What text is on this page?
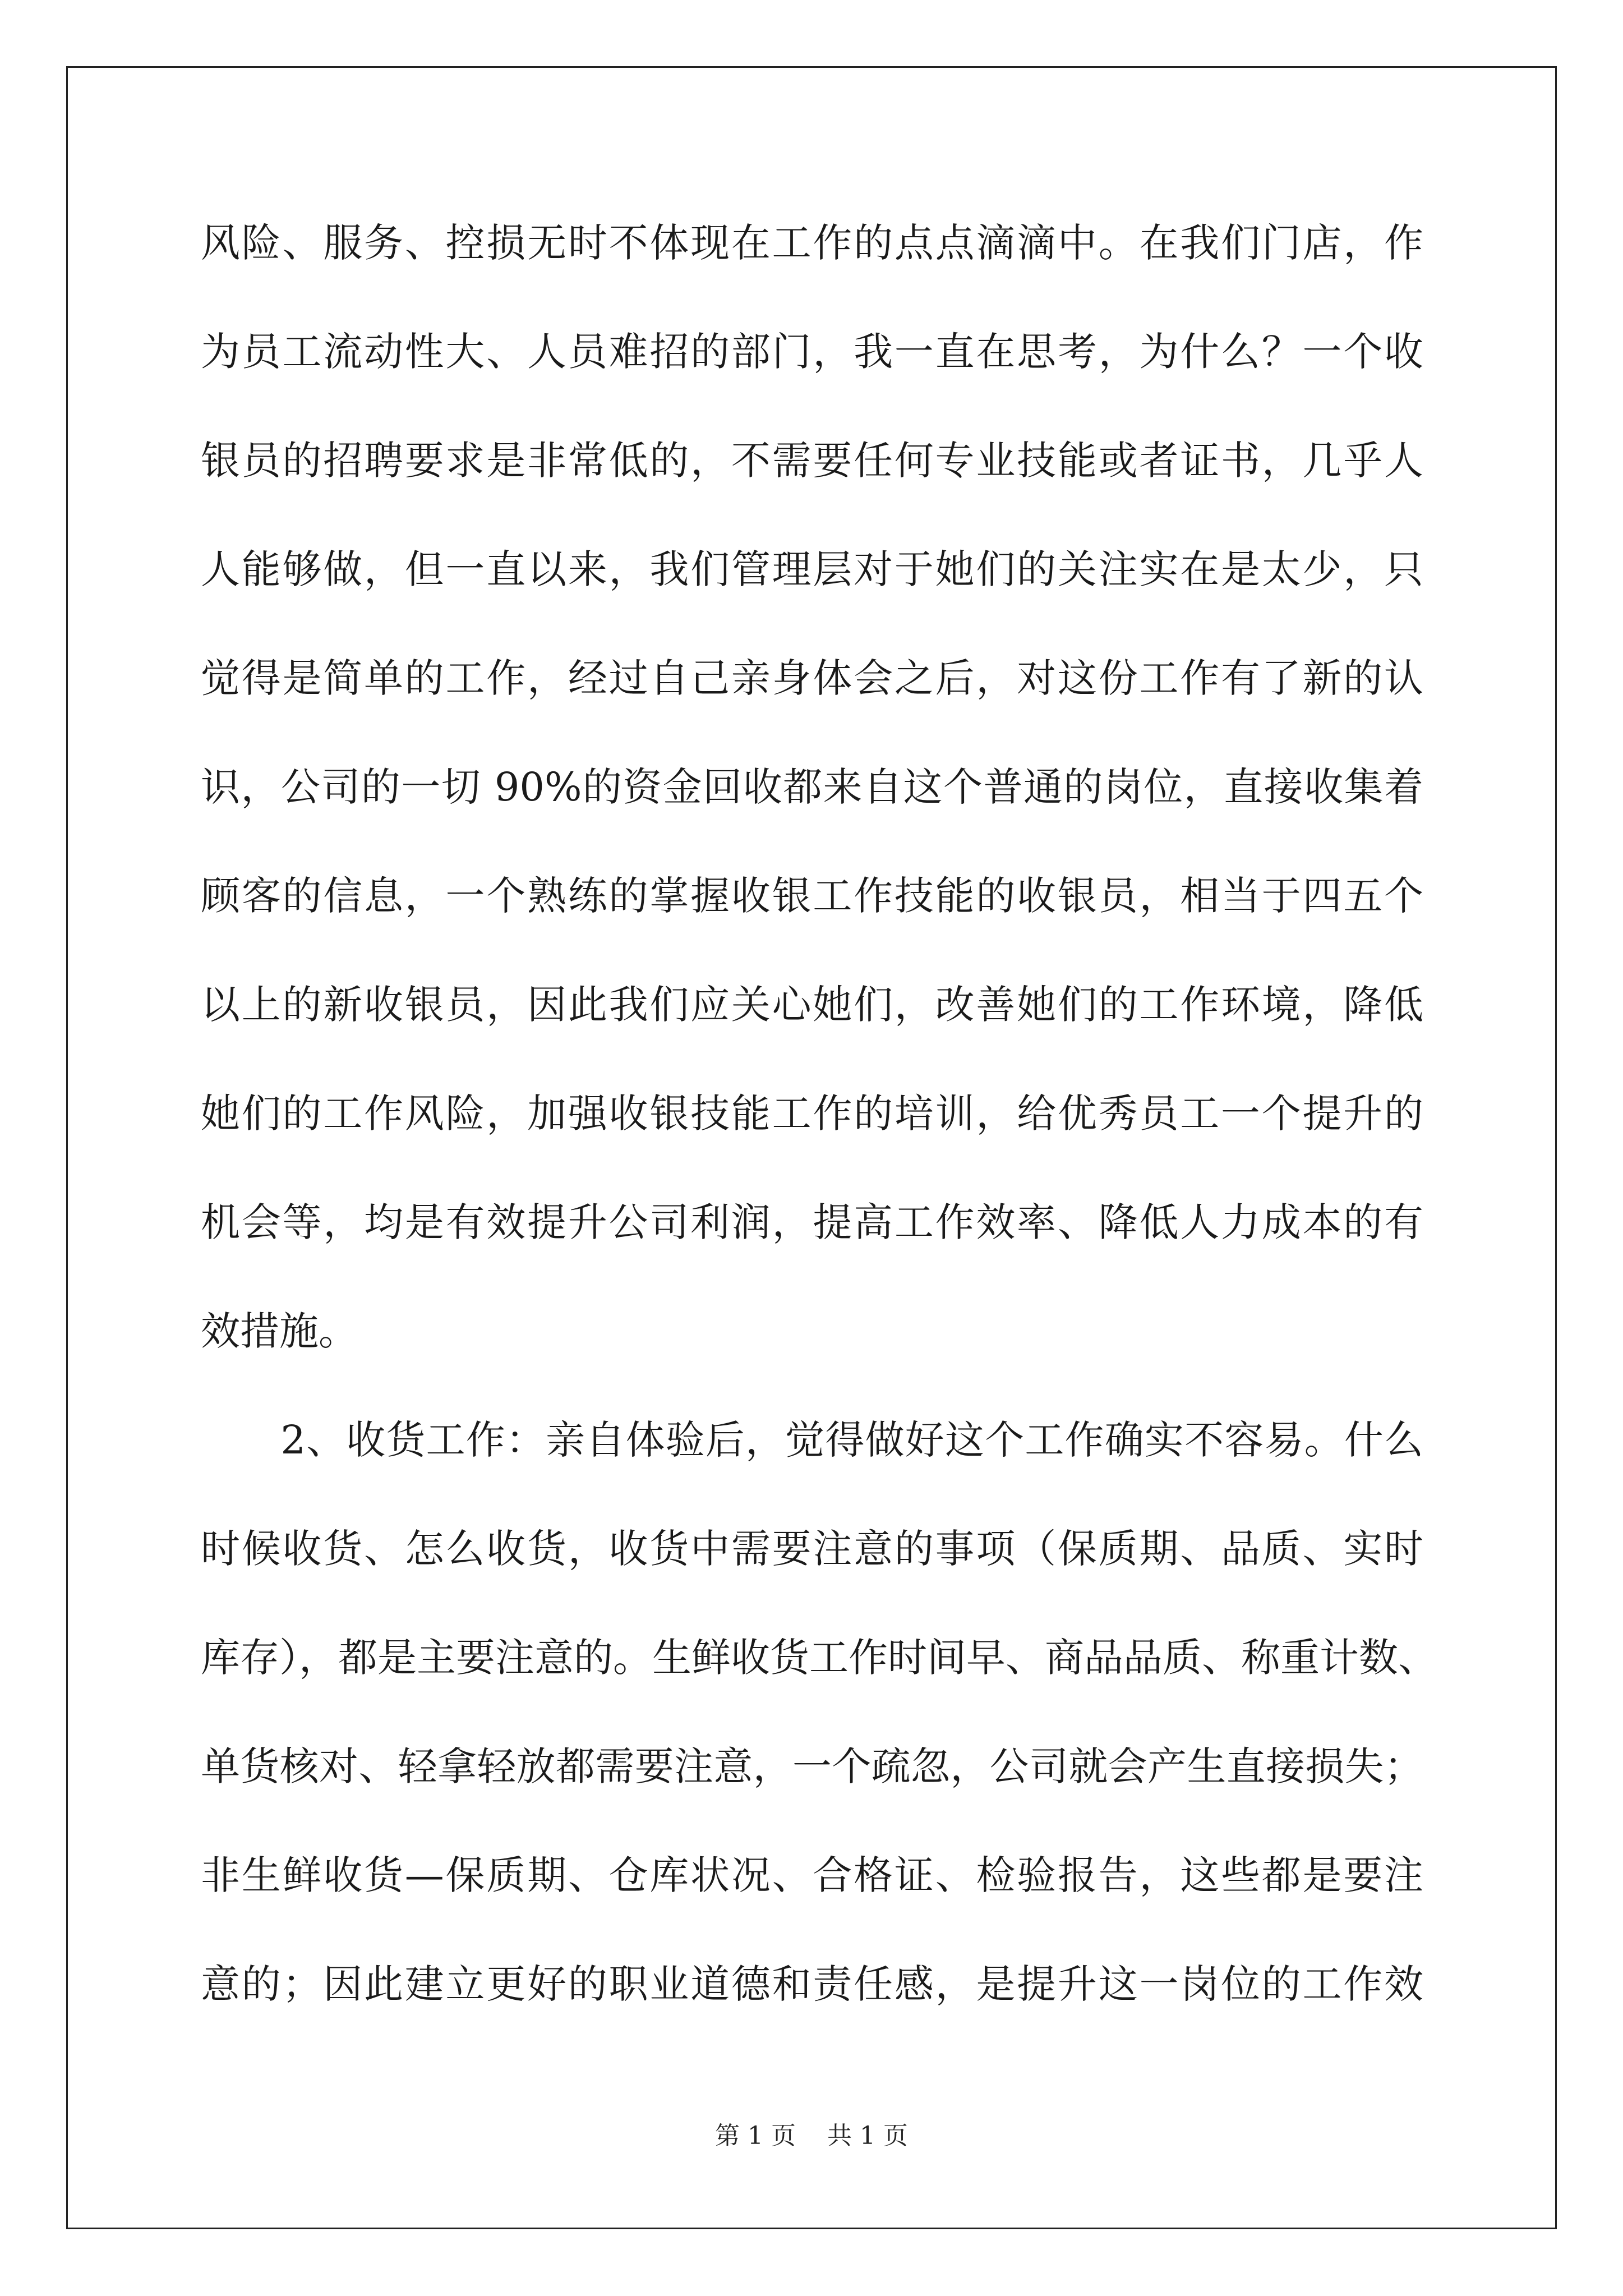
风险、服务、控损无时不体现在工作的点点滴滴中。在我们门店，作
为员工流动性大、人员难招的部门，我一直在思考，为什么？一个收
银员的招聘要求是非常低的，不需要任何专业技能或者证书，几乎人
人能够做，但一直以来，我们管理层对于她们的关注实在是太少，只
觉得是简单的工作，经过自己亲身体会之后，对这份工作有了新的认
识，公司的一切 90%的资金回收都来自这个普通的岗位，直接收集着
顾客的信息，一个熟练的掌握收银工作技能的收银员，相当于四五个
以上的新收银员，因此我们应关心她们，改善她们的工作环境，降低
她们的工作风险，加强收银技能工作的培训，给优秀员工一个提升的
机会等，均是有效提升公司利润，提高工作效率、降低人力成本的有
效措施。
　　2、收货工作：亲自体验后，觉得做好这个工作确实不容易。什么
时候收货、怎么收货，收货中需要注意的事项（保质期、品质、实时
库存），都是主要注意的。生鲜收货工作时间早、商品品质、称重计数、
单货核对、轻拿轻放都需要注意，一个疏忽，公司就会产生直接损失；
非生鲜收货—保质期、仓库状况、合格证、检验报告，这些都是要注
意的；因此建立更好的职业道德和责任感，是提升这一岗位的工作效
第 1 页    共 1 页
